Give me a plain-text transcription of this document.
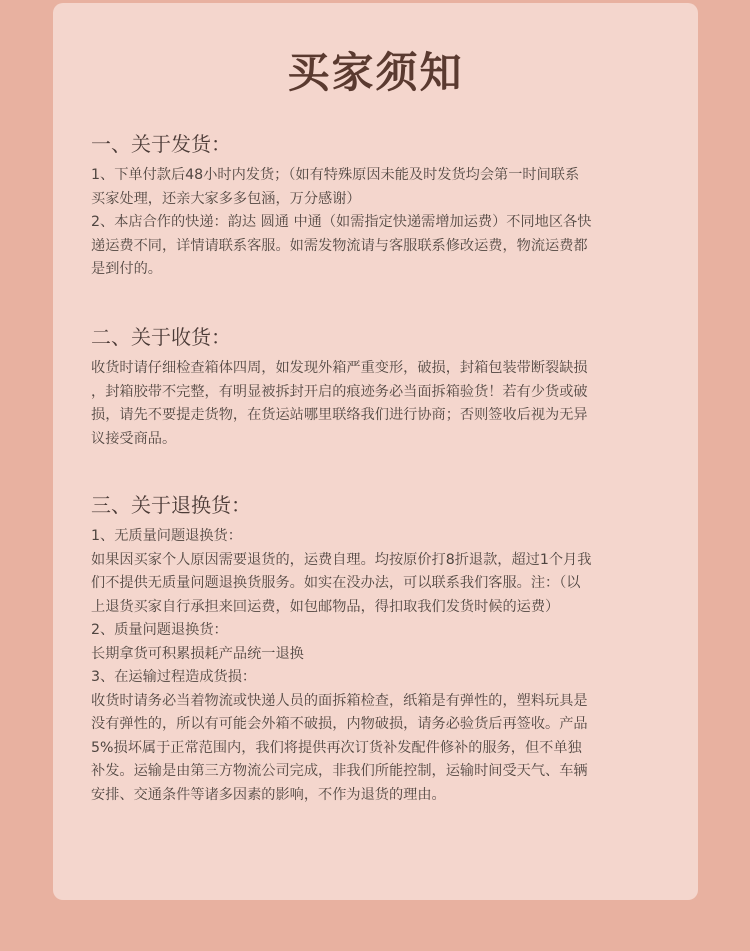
买家须知

一、关于发货：

1、下单付款后48小时内发货；（如有特殊原因未能及时发货均会第一时间联系
买家处理，还亲大家多多包涵，万分感谢）

2、本店合作的快递：韵达 圆通 中通（如需指定快递需增加运费）不同地区各快
递运费不同，详情请联系客服。如需发物流请与客服联系修改运费，物流运费都
是到付的。

二、关于收货：

收货时请仔细检查箱体四周，如发现外箱严重变形，破损，封箱包装带断裂缺损
，封箱胶带不完整，有明显被拆封开启的痕迹务必当面拆箱验货！若有少货或破
损，请先不要提走货物，在货运站哪里联络我们进行协商；否则签收后视为无异
议接受商品。

三、关于退换货：

1、无质量问题退换货：

如果因买家个人原因需要退货的，运费自理。均按原价打8折退款，超过1个月我
们不提供无质量问题退换货服务。如实在没办法，可以联系我们客服。注：（以
上退货买家自行承担来回运费，如包邮物品，得扣取我们发货时候的运费）

2、质量问题退换货：

长期拿货可积累损耗产品统一退换

3、在运输过程造成货损：

收货时请务必当着物流或快递人员的面拆箱检查，纸箱是有弹性的，塑料玩具是
没有弹性的，所以有可能会外箱不破损，内物破损，请务必验货后再签收。产品
5%损坏属于正常范围内，我们将提供再次订货补发配件修补的服务，但不单独
补发。运输是由第三方物流公司完成，非我们所能控制，运输时间受天气、车辆
安排、交通条件等诸多因素的影响，不作为退货的理由。
